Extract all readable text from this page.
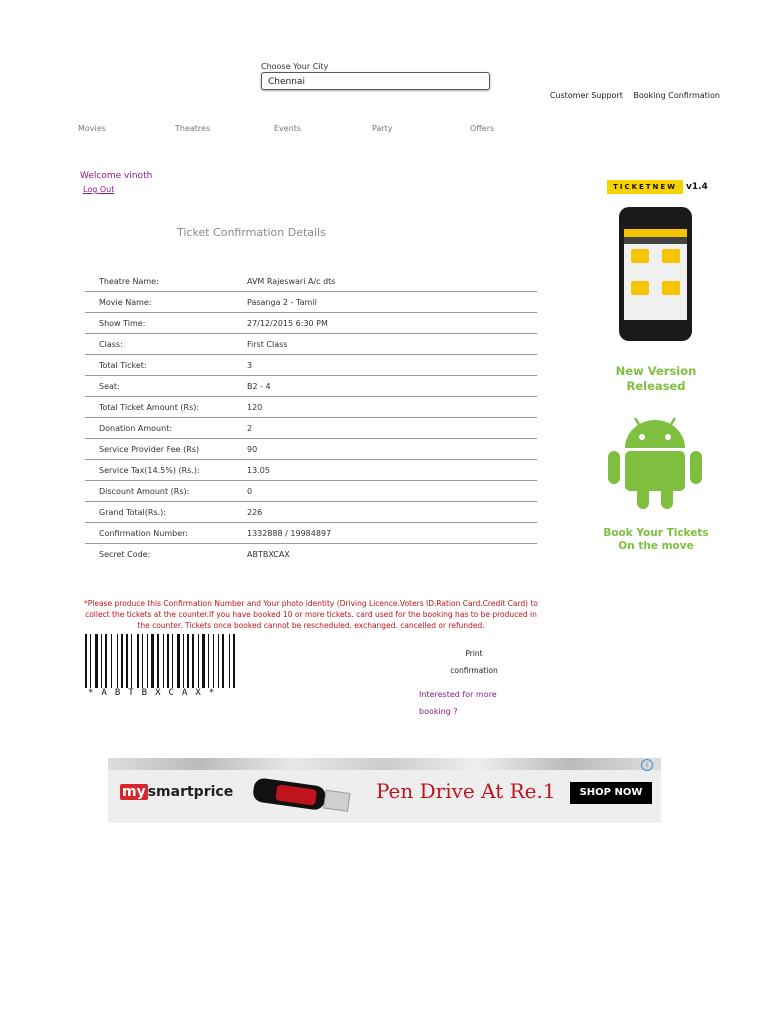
Choose Your City
Chennai
Customer Support Booking Confirmation
Movies	Theatres	Events	Party	Offers
Welcome vinoth
Log Out
Ticket Confirmation Details
Theatre Name:	AVM Rajeswari A/c dts
Movie Name:	Pasanga 2 - Tamil
Show Time:	27/12/2015 6:30 PM
Class:	First Class
Total Ticket:	3
Seat:	B2 - 4
Total Ticket Amount (Rs):	120
Donation Amount:	2
Service Provider Fee (Rs)	90
Service Tax(14.5%) (Rs.):	13.05
Discount Amount (Rs):	0
Grand Total(Rs.):	226
Confirmation Number:	1332888 / 19984897
Secret Code:	ABTBXCAX
*Please produce this Confirmation Number and Your photo identity (Driving Licence.Voters ID.Ration Card.Credit Card) to collect the tickets at the counter.If you have booked 10 or more tickets. card used for the booking has to be produced in the counter. Tickets once booked cannot be rescheduled. exchanged. cancelled or refunded.
*ABTBXCAX*
Print
confirmation
Interested for more
booking ?
TICKETNEW	v1.4
New Version Released
Book Your Tickets On the move
i
my smartprice	Pen Drive At Re.1	SHOP NOW
